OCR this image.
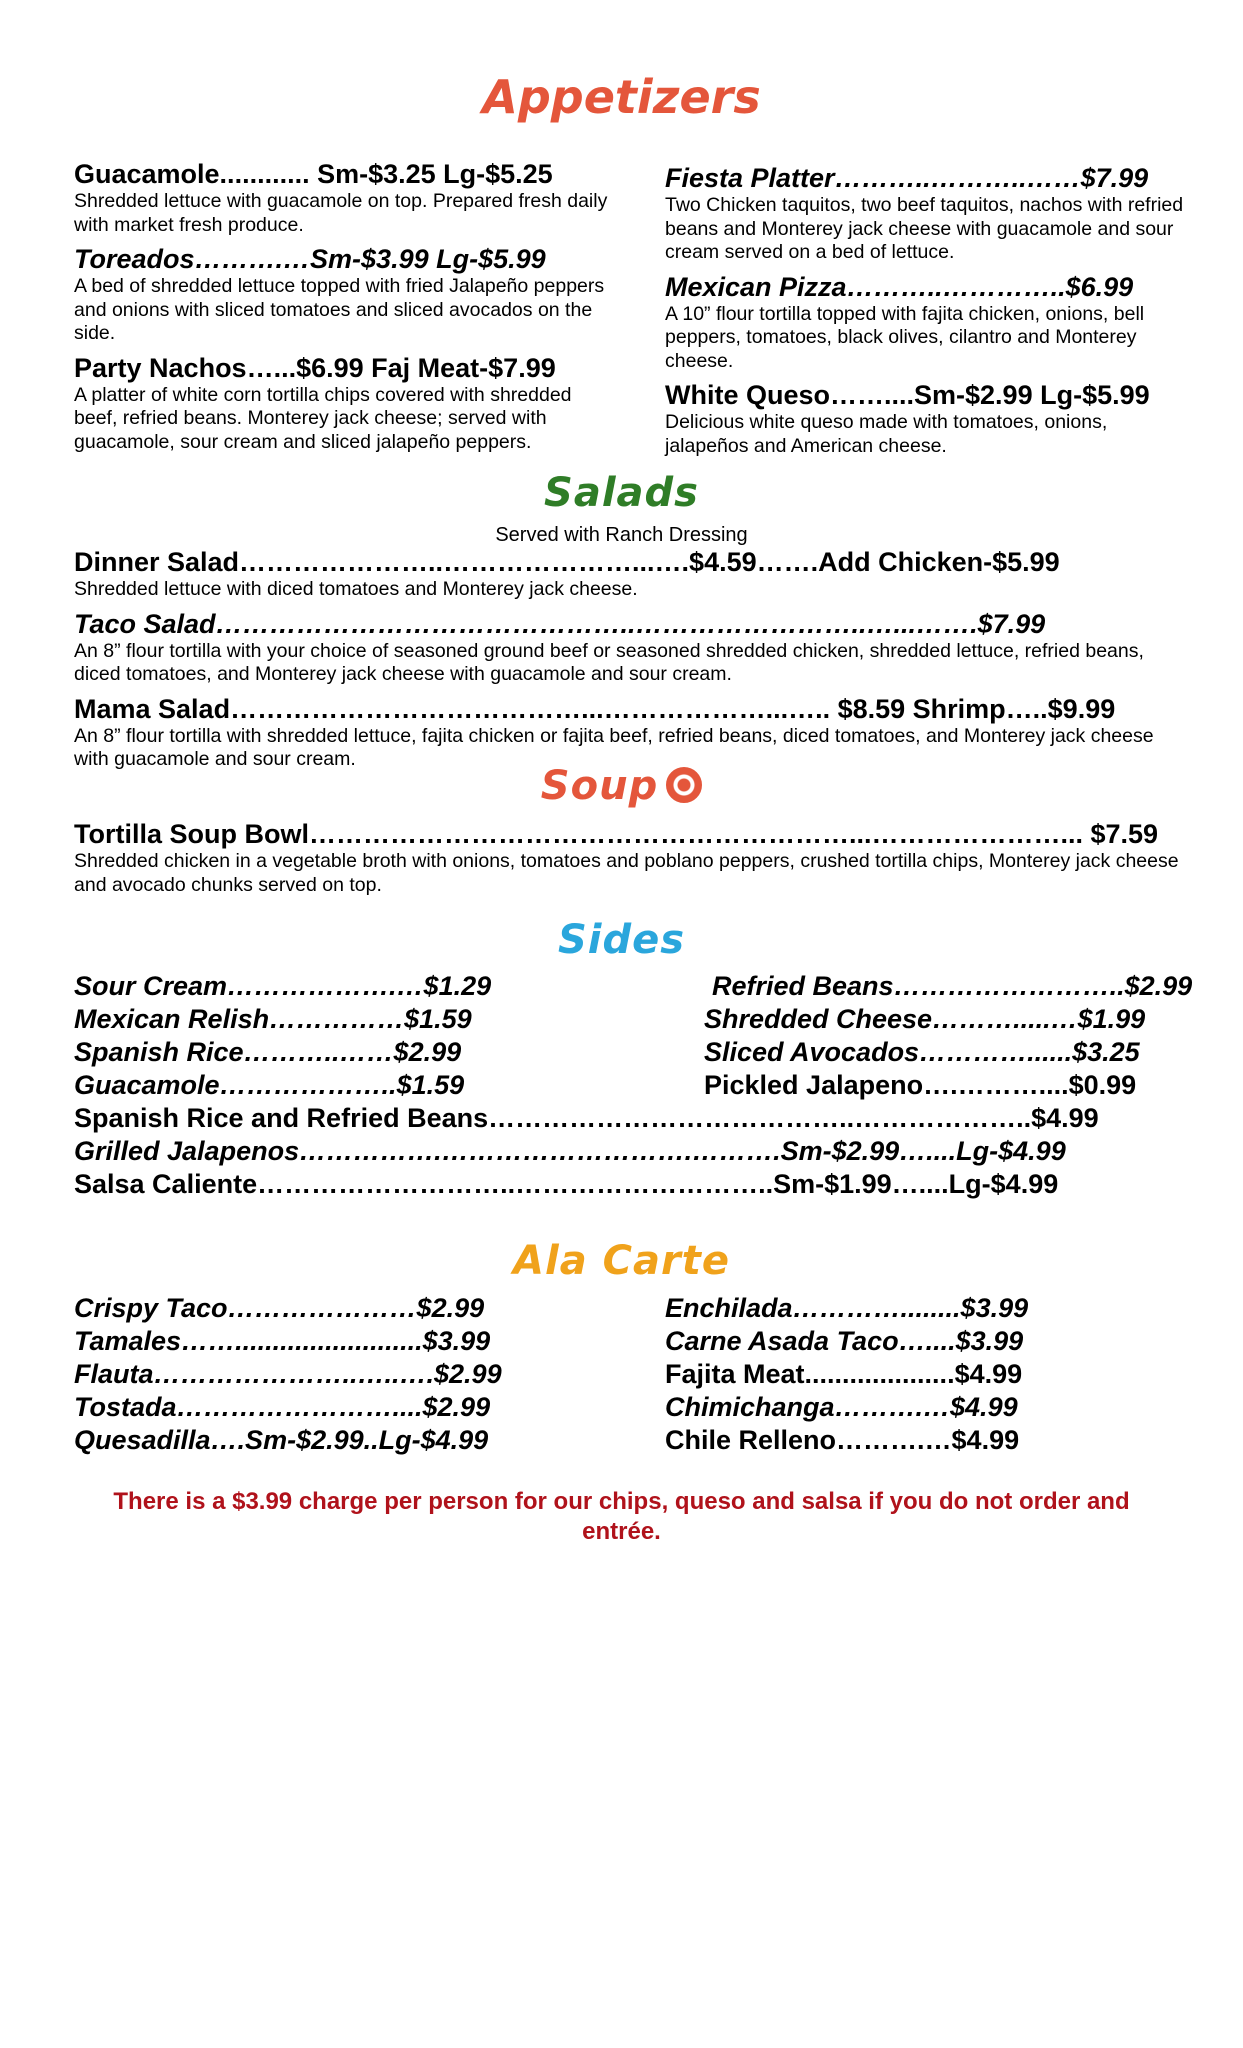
Appetizers
Guacamole............ Sm-$3.25 Lg-$5.25
Shredded lettuce with guacamole on top. Prepared fresh daily with market fresh produce.
Toreados……….…Sm-$3.99 Lg-$5.99
A bed of shredded lettuce topped with fried Jalapeño peppers and onions with sliced tomatoes and sliced avocados on the side.
Party Nachos…...$6.99 Faj Meat-$7.99
A platter of white corn tortilla chips covered with shredded beef, refried beans. Monterey jack cheese; served with guacamole, sour cream and sliced jalapeño peppers.
Fiesta Platter………..………..……$7.99
Two Chicken taquitos, two beef taquitos, nachos with refried beans and Monterey jack cheese with guacamole and sour cream served on a bed of lettuce.
Mexican Pizza………..…………..$6.99
A 10” flour tortilla topped with fajita chicken, onions, bell peppers, tomatoes, black olives, cilantro and Monterey cheese.
White Queso……....Sm-$2.99 Lg-$5.99
Delicious white queso made with tomatoes, onions, jalapeños and American cheese.
Salads
Served with Ranch Dressing
Dinner Salad…………………..…………………...….$4.59…….Add Chicken-$5.99
Shredded lettuce with diced tomatoes and Monterey jack cheese.
Taco Salad………………………………………..……………………..…...…….$7.99
An 8” flour tortilla with your choice of seasoned ground beef or seasoned shredded chicken, shredded lettuce, refried beans, diced tomatoes, and Monterey jack cheese with guacamole and sour cream.
Mama Salad…………………………………...………………...….. $8.59 Shrimp…..$9.99
An 8” flour tortilla with shredded lettuce, fajita chicken or fajita beef, refried beans, diced tomatoes, and Monterey jack cheese with guacamole and sour cream.
Soup
Tortilla Soup Bowl……………………………………………………...…………………... $7.59
Shredded chicken in a vegetable broth with onions, tomatoes and poblano peppers, crushed tortilla chips, Monterey jack cheese and avocado chunks served on top.
Sides
Sour Cream……………….…$1.29
Mexican Relish……………$1.59
Spanish Rice………..……$2.99
Guacamole………………..$1.59
Refried Beans……………………..$2.99
Shredded Cheese……….....…$1.99
Sliced Avocados…………......$3.25
Pickled Jalapeno….………....$0.99
Spanish Rice and Refried Beans…………………………………..………………..$4.99
Grilled Jalapenos…………….……………………….……….Sm-$2.99…....Lg-$4.99
Salsa Caliente………………………..………………………..Sm-$1.99…....Lg-$4.99
Ala Carte
Crispy Taco…………………$2.99
Tamales…….........................$3.99
Flauta…………………..…..….$2.99
Tostada……………………....$2.99
Quesadilla….Sm-$2.99..Lg-$4.99
Enchilada…………........$3.99
Carne Asada Taco…....$3.99
Fajita Meat....................$4.99
Chimichanga……….…$4.99
Chile Relleno……….…$4.99
There is a $3.99 charge per person for our chips, queso and salsa if you do not order and entrée.
